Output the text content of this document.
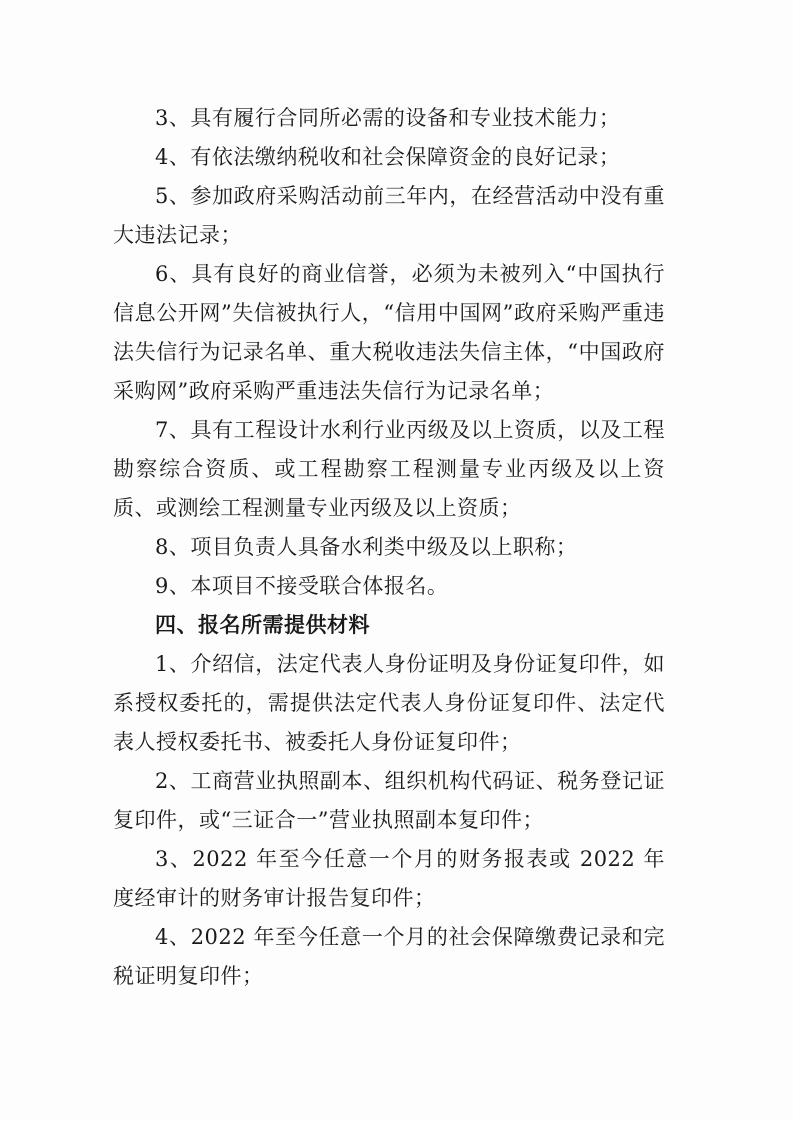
3、具有履行合同所必需的设备和专业技术能力；

4、有依法缴纳税收和社会保障资金的良好记录；

5、参加政府采购活动前三年内，在经营活动中没有重大违法记录；

6、具有良好的商业信誉，必须为未被列入“中国执行信息公开网”失信被执行人，“信用中国网”政府采购严重违法失信行为记录名单、重大税收违法失信主体，“中国政府采购网”政府采购严重违法失信行为记录名单；

7、具有工程设计水利行业丙级及以上资质，以及工程勘察综合资质、或工程勘察工程测量专业丙级及以上资质、或测绘工程测量专业丙级及以上资质；

8、项目负责人具备水利类中级及以上职称；

9、本项目不接受联合体报名。

四、报名所需提供材料

1、介绍信，法定代表人身份证明及身份证复印件，如系授权委托的，需提供法定代表人身份证复印件、法定代表人授权委托书、被委托人身份证复印件；

2、工商营业执照副本、组织机构代码证、税务登记证复印件，或“三证合一”营业执照副本复印件；

3、2022 年至今任意一个月的财务报表或 2022 年度经审计的财务审计报告复印件；

4、2022 年至今任意一个月的社会保障缴费记录和完税证明复印件；
